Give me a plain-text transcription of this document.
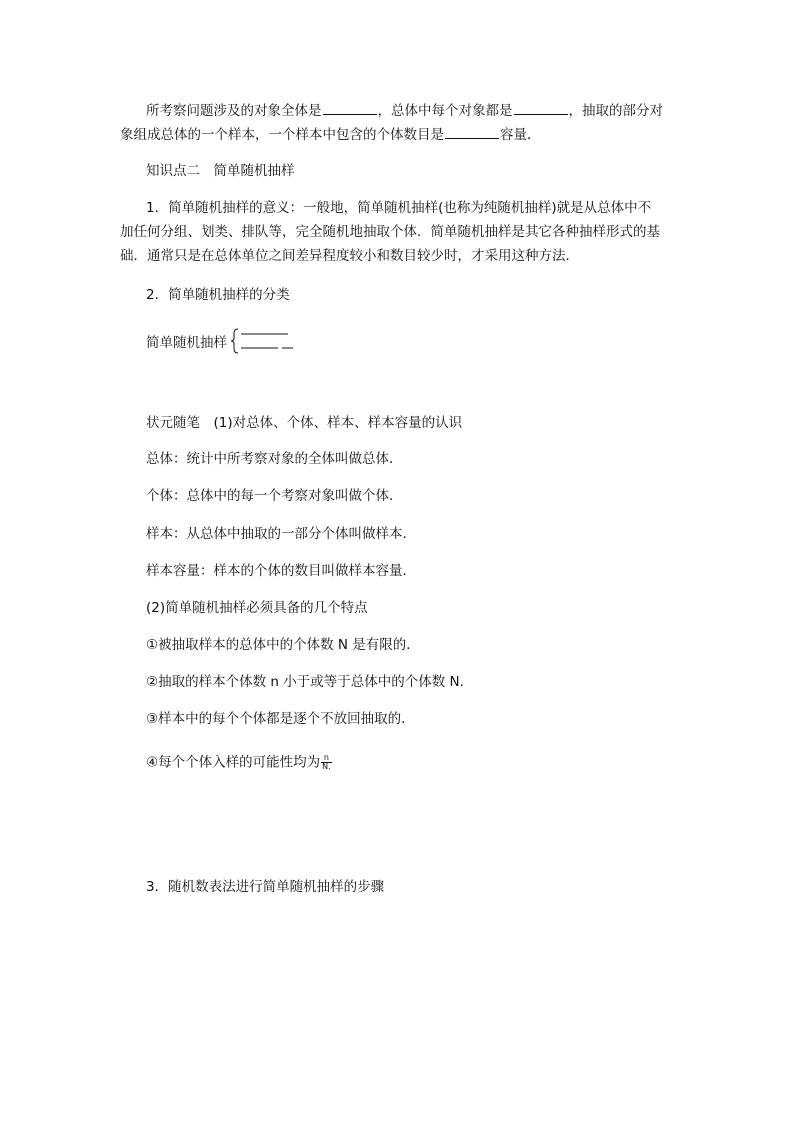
所考察问题涉及的对象全体是	，总体中每个对象都是	，抽取的部分对
象组成总体的一个样本，一个样本中包含的个体数目是	容量．
知识点二　简单随机抽样
1．简单随机抽样的意义：一般地，简单随机抽样(也称为纯随机抽样)就是从总体中不
加任何分组、划类、排队等，完全随机地抽取个体．简单随机抽样是其它各种抽样形式的基
础．通常只是在总体单位之间差异程度较小和数目较少时，才采用这种方法．
2．简单随机抽样的分类
简单随机抽样
状元随笔　(1)对总体、个体、样本、样本容量的认识
总体：统计中所考察对象的全体叫做总体．
个体：总体中的每一个考察对象叫做个体．
样本：从总体中抽取的一部分个体叫做样本．
样本容量：样本的个体的数目叫做样本容量．
(2)简单随机抽样必须具备的几个特点
①被抽取样本的总体中的个体数 N 是有限的．
②抽取的样本个体数 n 小于或等于总体中的个体数 N.
③样本中的每个个体都是逐个不放回抽取的．
④每个个体入样的可能性均为 $\frac{n}{N.}$
3．随机数表法进行简单随机抽样的步骤
